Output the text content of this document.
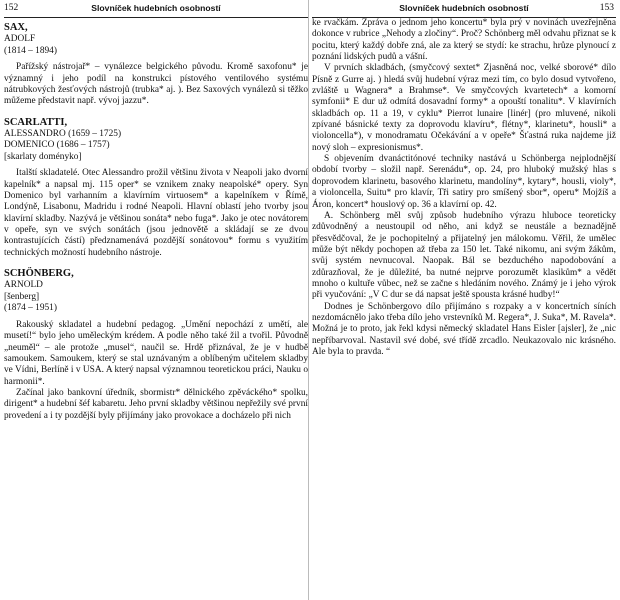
152	Slovníček hudebních osobností
SAX,
ADOLF
(1814 – 1894)

Pařížský nástrojař* – vynálezce belgického původu. Kromě saxofonu* je významný i jeho podíl na konstrukci pístového ventilového systému nátrubkových žesťových nástrojů (trubka* aj. ). Bez Saxových vynálezů si těžko můžeme představit např. vývoj jazzu*.

SCARLATTI,
ALESSANDRO (1659 – 1725)
DOMENICO (1686 – 1757)
[skarlaty doményko]

Italští skladatelé. Otec Alessandro prožil většinu života v Neapoli jako dvorní kapelník* a napsal mj. 115 oper* se vznikem znaky neapolské* opery. Syn Domenico byl varhanním a klavírním virtuosem* a kapelníkem v Římě, Londýně, Lisabonu, Madridu i rodné Neapoli. Hlavní oblastí jeho tvorby jsou klavírní skladby. Nazývá je většinou sonáta* nebo fuga*. Jako je otec novátorem v opeře, syn ve svých sonátách (jsou jednovětě a skládají se ze dvou kontrastujících částí) předznamenává pozdější sonátovou* formu s využitím technických možností hudebního nástroje.

SCHÖNBERG,
ARNOLD
[šenberg]
(1874 – 1951)

Rakouský skladatel a hudební pedagog. „Umění nepochází z umětí, ale musetí!“ bylo jeho uměleckým krédem. A podle něho také žil a tvořil. Původně „neuměl“ – ale protože „musel“, naučil se. Hrdě přiznával, že je v hudbě samoukem. Samoukem, který se stal uznávaným a oblíbeným učitelem skladby ve Vídni, Berlíně i v USA. A který napsal významnou teoretickou práci, Nauku o harmonii*.

Začínal jako bankovní úředník, sbormistr* dělnického zpěváckého* spolku, dirigent* a hudební šéf kabaretu. Jeho první skladby většinou nepřežily své první provedení a i ty pozdější byly přijímány jako provokace a docházelo při nich

Slovníček hudebních osobností	153

ke rvačkám. Zpráva o jednom jeho koncertu* byla prý v novinách uvezřejněna dokonce v rubrice „Nehody a zločiny“. Proč? Schönberg měl odvahu přiznat se k pocitu, který každý dobře zná, ale za který se stydí: ke strachu, hrůze plynoucí z poznání lidských pudů a vášní.

V prvních skladbách, (smyčcový sextet* Zjasněná noc, velké sborové* dílo Písně z Gurre aj. ) hledá svůj hudební výraz mezi tím, co bylo dosud vytvořeno, zvláště u Wagnera* a Brahmse*. Ve smyčcových kvartetech* a komorní symfonii* E dur už odmítá dosavadní formy* a opouští tonalitu*. V klavírních skladbách op. 11 a 19, v cyklu* Pierrot lunaire [linér] (pro mluvené, nikoli zpívané básnické texty za doprovodu klavíru*, flétny*, klarinetu*, housli* a violoncella*), v monodramatu Očekávání a v opeře* Šťastná ruka najdeme již nový sloh – expresionismus*.

S objevením dvanáctitónové techniky nastává u Schönberga nejplodnější období tvorby – složil např. Serenádu*, op. 24, pro hluboký mužský hlas s doprovodem klarinetu, basového klarinetu, mandolíny*, kytary*, housli, violy*, a violoncella, Suitu* pro klavír, Tři satiry pro smíšený sbor*, operu* Mojžíš a Áron, koncert* houslový op. 36 a klavírní op. 42.

A. Schönberg měl svůj způsob hudebního výrazu hluboce teoreticky zdůvodněný a neustoupil od něho, ani když se neustále a beznadějně přesvědčoval, že je pochopitelný a přijatelný jen málokomu. Věřil, že umělec může být někdy pochopen až třeba za 150 let. Také nikomu, ani svým žákům, svůj systém nevnucoval. Naopak. Bál se bezduchého napodobování a zdůrazňoval, že je důležité, ba nutné nejprve porozumět klasikům* a vědět mnoho o kultuře vůbec, než se začne s hledáním nového. Známý je i jeho výrok při vyučování: „V C dur se dá napsat ještě spousta krásné hudby!“

Dodnes je Schönbergovo dílo přijímáno s rozpaky a v koncertních síních nezdomácnělo jako třeba dílo jeho vrstevníků M. Regera*, J. Suka*, M. Ravela*. Možná je to proto, jak řekl kdysi německý skladatel Hans Eisler [ajsler], že „nic nepříbarvoval. Nastavil své dobé, své třídě zrcadlo. Neukazovalo nic krásného. Ale byla to pravda. “
